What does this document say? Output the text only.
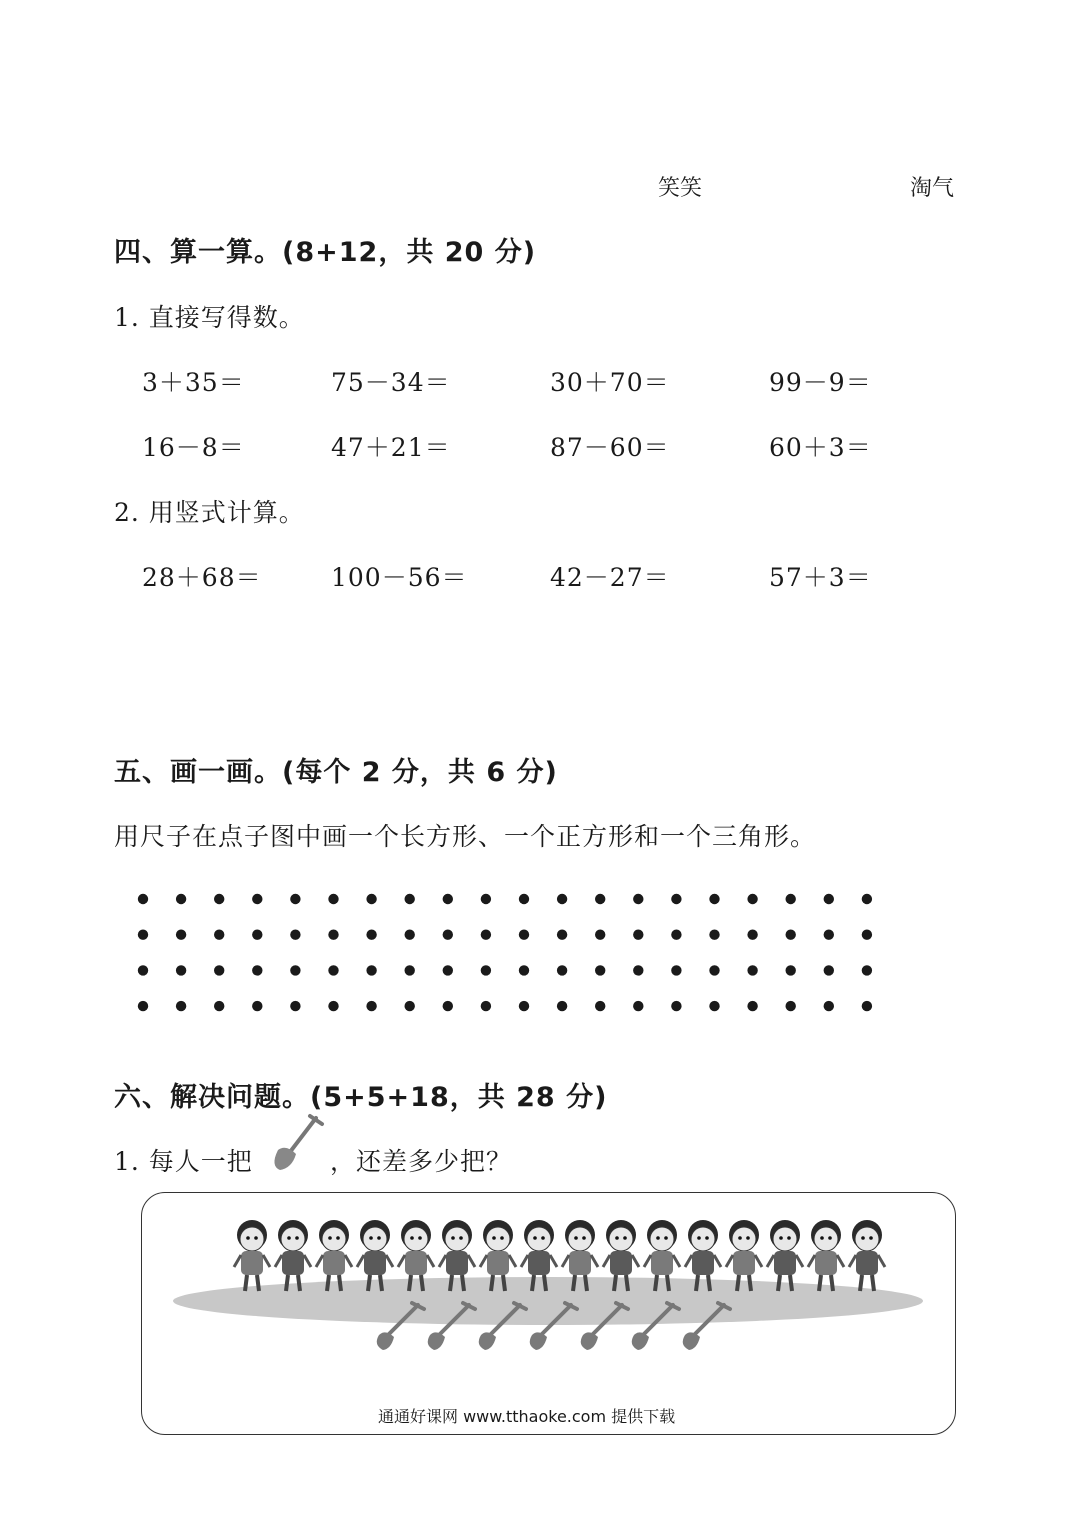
笑笑	淘气
四、算一算。(8+12，共 20 分)
1. 直接写得数。
3＋35＝	75－34＝	30＋70＝	99－9＝
16－8＝	47＋21＝	87－60＝	60＋3＝
2. 用竖式计算。
28＋68＝	100－56＝	42－27＝	57＋3＝
五、画一画。(每个 2 分，共 6 分)
用尺子在点子图中画一个长方形、一个正方形和一个三角形。
六、解决问题。(5+5+18，共 28 分)
1. 每人一把	，还差多少把？
通通好课网 www.tthaoke.com 提供下载
